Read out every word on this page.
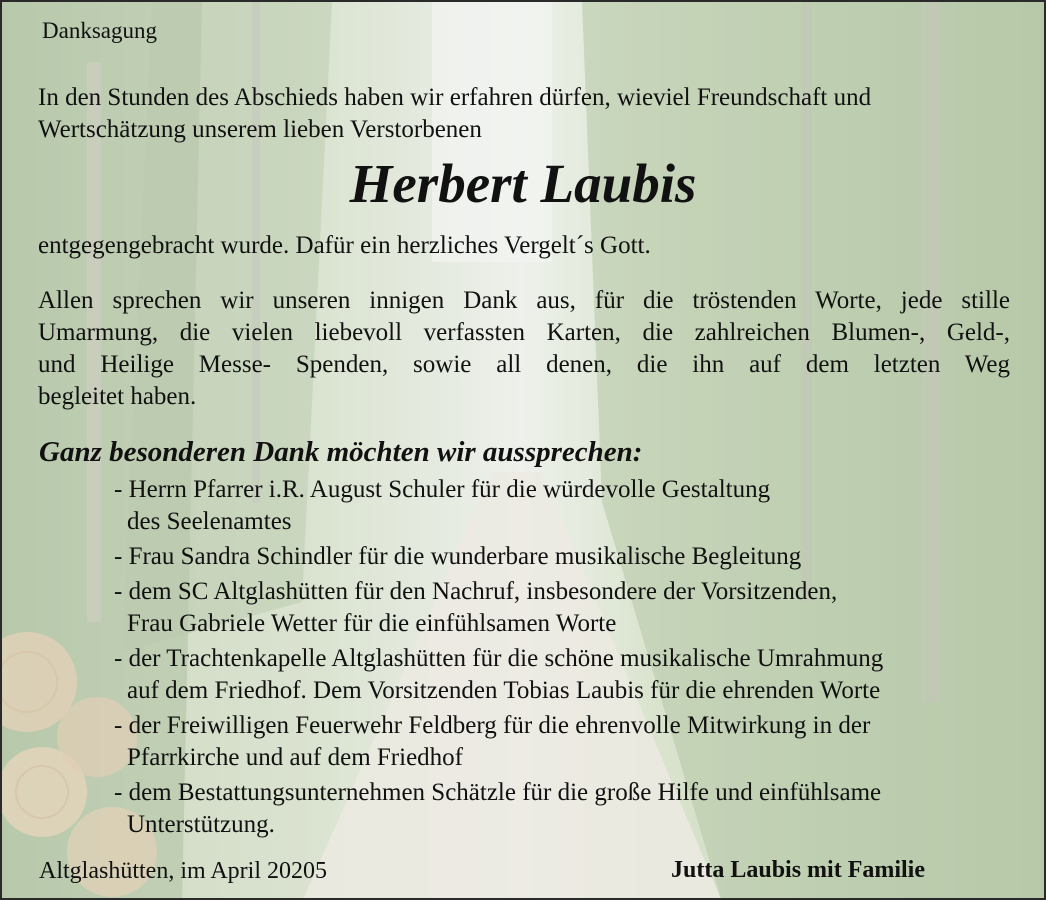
Danksagung

In den Stunden des Abschieds haben wir erfahren dürfen, wieviel Freundschaft und
Wertschätzung unserem lieben Verstorbenen

Herbert Laubis

entgegengebracht wurde. Dafür ein herzliches Vergelt´s Gott.

Allen sprechen wir unseren innigen Dank aus, für die tröstenden Worte, jede stille
Umarmung, die vielen liebevoll verfassten Karten, die zahlreichen Blumen-, Geld-,
und Heilige Messe- Spenden, sowie all denen, die ihn auf dem letzten Weg
begleitet haben.

Ganz besonderen Dank möchten wir aussprechen:

- Herrn Pfarrer i.R. August Schuler für die würdevolle Gestaltung
des Seelenamtes
- Frau Sandra Schindler für die wunderbare musikalische Begleitung
- dem SC Altglashütten für den Nachruf, insbesondere der Vorsitzenden,
Frau Gabriele Wetter für die einfühlsamen Worte
- der Trachtenkapelle Altglashütten für die schöne musikalische Umrahmung
auf dem Friedhof. Dem Vorsitzenden Tobias Laubis für die ehrenden Worte
- der Freiwilligen Feuerwehr Feldberg für die ehrenvolle Mitwirkung in der
Pfarrkirche und auf dem Friedhof
- dem Bestattungsunternehmen Schätzle für die große Hilfe und einfühlsame
Unterstützung.

Altglashütten, im April 20205	Jutta Laubis mit Familie
